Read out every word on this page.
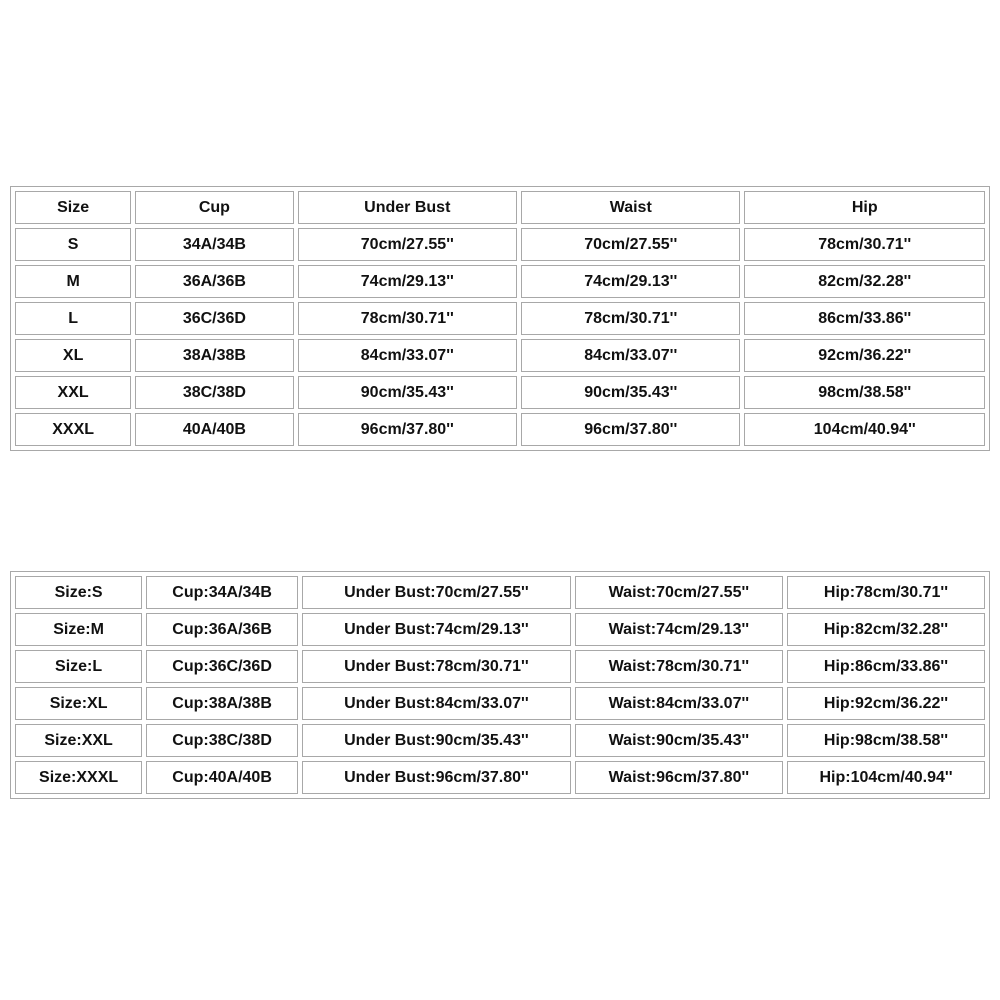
Size	Cup	Under Bust	Waist	Hip
S	34A/34B	70cm/27.55''	70cm/27.55''	78cm/30.71''
M	36A/36B	74cm/29.13''	74cm/29.13''	82cm/32.28''
L	36C/36D	78cm/30.71''	78cm/30.71''	86cm/33.86''
XL	38A/38B	84cm/33.07''	84cm/33.07''	92cm/36.22''
XXL	38C/38D	90cm/35.43''	90cm/35.43''	98cm/38.58''
XXXL	40A/40B	96cm/37.80''	96cm/37.80''	104cm/40.94''
Size:S	Cup:34A/34B	Under Bust:70cm/27.55''	Waist:70cm/27.55''	Hip:78cm/30.71''
Size:M	Cup:36A/36B	Under Bust:74cm/29.13''	Waist:74cm/29.13''	Hip:82cm/32.28''
Size:L	Cup:36C/36D	Under Bust:78cm/30.71''	Waist:78cm/30.71''	Hip:86cm/33.86''
Size:XL	Cup:38A/38B	Under Bust:84cm/33.07''	Waist:84cm/33.07''	Hip:92cm/36.22''
Size:XXL	Cup:38C/38D	Under Bust:90cm/35.43''	Waist:90cm/35.43''	Hip:98cm/38.58''
Size:XXXL	Cup:40A/40B	Under Bust:96cm/37.80''	Waist:96cm/37.80''	Hip:104cm/40.94''
